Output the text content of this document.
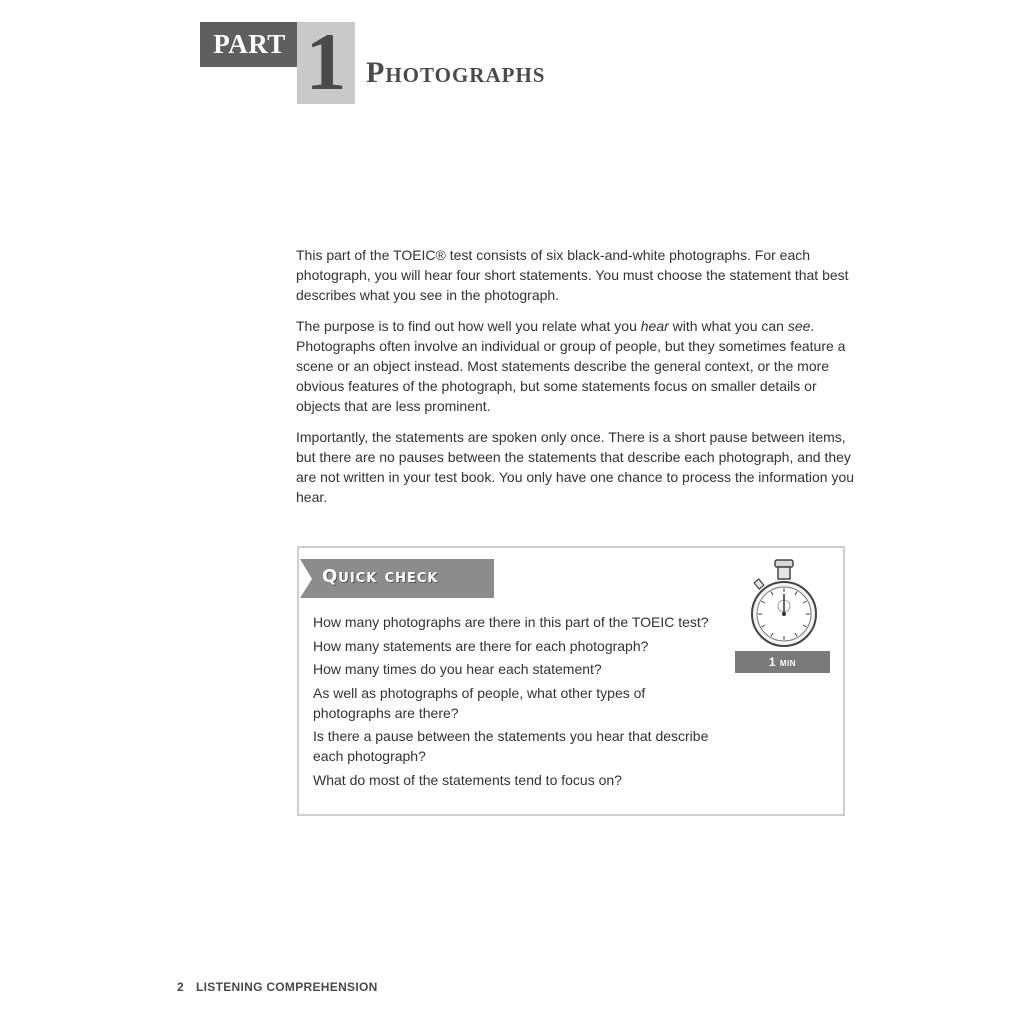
PART 1 Photographs

This part of the TOEIC® test consists of six black-and-white photographs. For each photograph, you will hear four short statements. You must choose the statement that best describes what you see in the photograph.

The purpose is to find out how well you relate what you hear with what you can see. Photographs often involve an individual or group of people, but they sometimes feature a scene or an object instead. Most statements describe the general context, or the more obvious features of the photograph, but some statements focus on smaller details or objects that are less prominent.

Importantly, the statements are spoken only once. There is a short pause between items, but there are no pauses between the statements that describe each photograph, and they are not written in your test book. You only have one chance to process the information you hear.

Quick check
How many photographs are there in this part of the TOEIC test?
How many statements are there for each photograph?
How many times do you hear each statement?
As well as photographs of people, what other types of photographs are there?
Is there a pause between the statements you hear that describe each photograph?
What do most of the statements tend to focus on?
1 min
2 LISTENING COMPREHENSION
